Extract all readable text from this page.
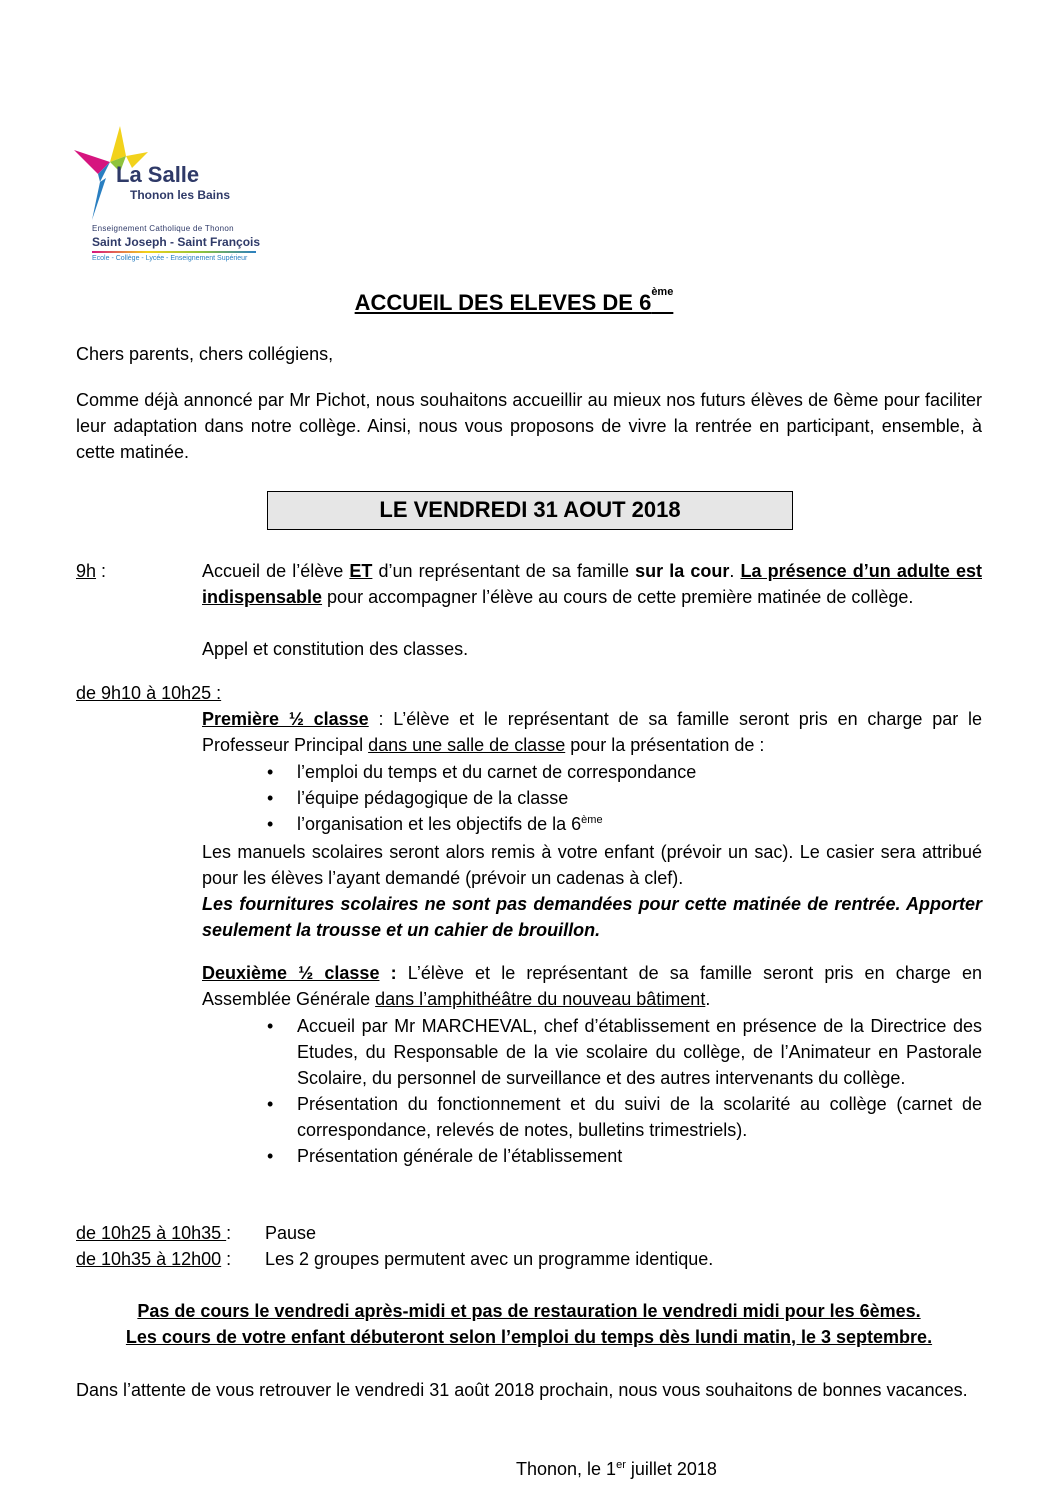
La Salle
Thonon les Bains
Enseignement Catholique de Thonon
Saint Joseph - Saint François
Ecole - Collège - Lycée - Enseignement Supérieur
ACCUEIL DES ELEVES DE 6ème
Chers parents, chers collégiens,
Comme déjà annoncé par Mr Pichot, nous souhaitons accueillir au mieux nos futurs élèves de 6ème pour faciliter leur adaptation dans notre collège. Ainsi, nous vous proposons de vivre la rentrée en participant, ensemble, à cette matinée.
LE VENDREDI 31 AOUT 2018
9h :	Accueil de l’élève ET d’un représentant de sa famille sur la cour. La présence d’un adulte est indispensable pour accompagner l’élève au cours de cette première matinée de collège.
Appel et constitution des classes.
de 9h10 à 10h25 :
Première ½ classe : L’élève et le représentant de sa famille seront pris en charge par le Professeur Principal dans une salle de classe pour la présentation de :
• l’emploi du temps et du carnet de correspondance
• l’équipe pédagogique de la classe
• l’organisation et les objectifs de la 6ème
Les manuels scolaires seront alors remis à votre enfant (prévoir un sac). Le casier sera attribué pour les élèves l’ayant demandé (prévoir un cadenas à clef).
Les fournitures scolaires ne sont pas demandées pour cette matinée de rentrée. Apporter seulement la trousse et un cahier de brouillon.
Deuxième ½ classe : L’élève et le représentant de sa famille seront pris en charge en Assemblée Générale dans l’amphithéâtre du nouveau bâtiment.
• Accueil par Mr MARCHEVAL, chef d’établissement en présence de la Directrice des Etudes, du Responsable de la vie scolaire du collège, de l’Animateur en Pastorale Scolaire, du personnel de surveillance et des autres intervenants du collège.
• Présentation du fonctionnement et du suivi de la scolarité au collège (carnet de correspondance, relevés de notes, bulletins trimestriels).
• Présentation générale de l’établissement
de 10h25 à 10h35 : Pause
de 10h35 à 12h00 : Les 2 groupes permutent avec un programme identique.
Pas de cours le vendredi après-midi et pas de restauration le vendredi midi pour les 6èmes.
Les cours de votre enfant débuteront selon l’emploi du temps dès lundi matin, le 3 septembre.
Dans l’attente de vous retrouver le vendredi 31 août 2018 prochain, nous vous souhaitons de bonnes vacances.
Thonon, le 1er juillet 2018
